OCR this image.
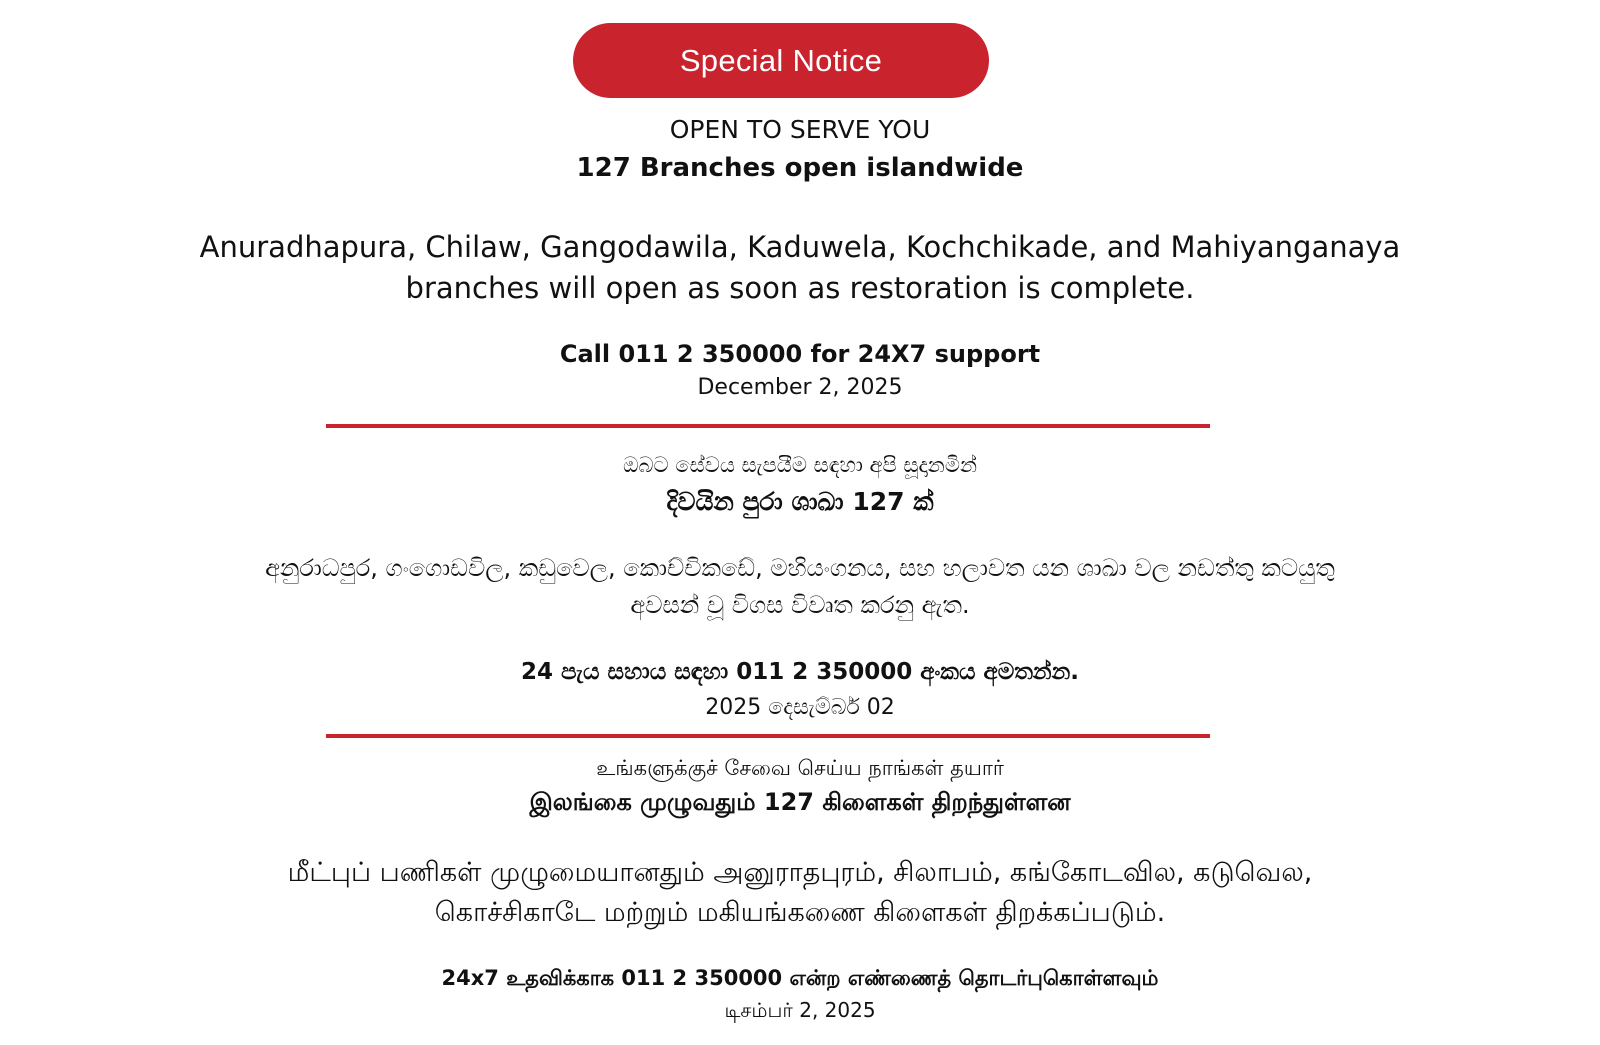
Special Notice
OPEN TO SERVE YOU
127 Branches open islandwide
Anuradhapura, Chilaw, Gangodawila, Kaduwela, Kochchikade, and Mahiyanganaya
branches will open as soon as restoration is complete.
Call 011 2 350000 for 24X7 support
December 2, 2025
ඔබට සේවය සැපයීම සඳහා අපි සූදානමින්
දිවයින පුරා ශාඛා 127 ක්
අනුරාධපුර, ගංගොඩවිල, කඩුවෙල, කොච්චිකඩේ, මහියංගනය, සහ හලාවත යන ශාඛා වල නඩත්තු කටයුතු
අවසන් වූ විගස විවෘත කරනු ඇත.
24 පැය සහාය සඳහා 011 2 350000 අංකය අමතන්න.
2025 දෙසැම්බර් 02
உங்களுக்குச் சேவை செய்ய நாங்கள் தயார்
இலங்கை முழுவதும் 127 கிளைகள் திறந்துள்ளன
மீட்புப் பணிகள் முழுமையானதும் அனுராதபுரம், சிலாபம், கங்கோடவில, கடுவெல,
கொச்சிகாடே மற்றும் மகியங்கணை கிளைகள் திறக்கப்படும்.
24x7 உதவிக்காக 011 2 350000 என்ற எண்ணைத் தொடர்புகொள்ளவும்
டிசம்பர் 2, 2025
